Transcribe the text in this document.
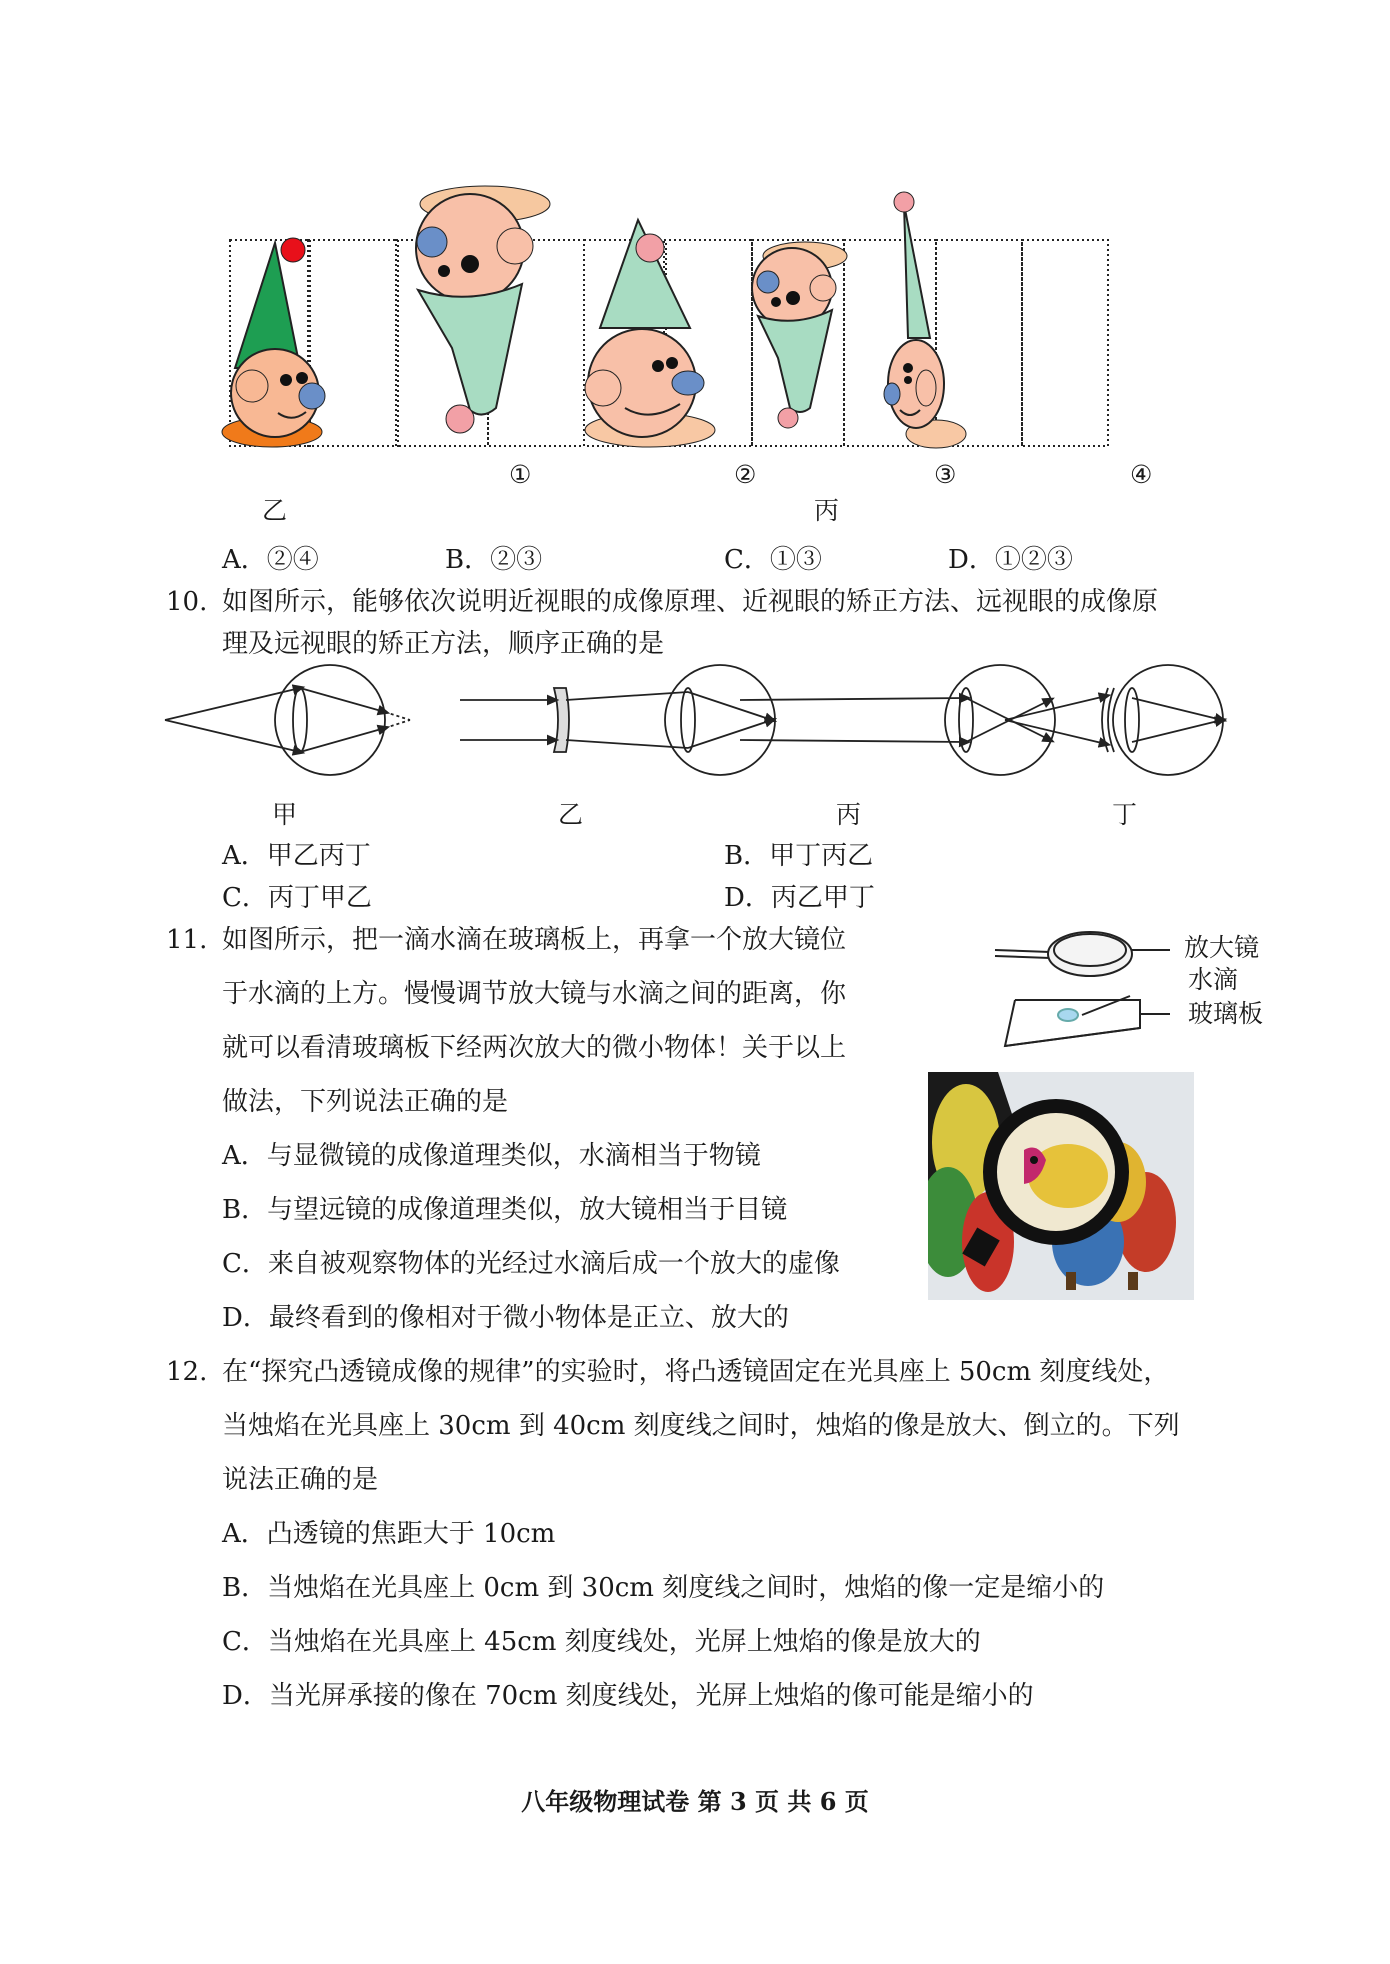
①	②	③	④
乙	丙
A．②④	B．②③	C．①③	D．①②③
10. 如图所示，能够依次说明近视眼的成像原理、近视眼的矫正方法、远视眼的成像原
理及远视眼的矫正方法，顺序正确的是
甲	乙	丙	丁
A．甲乙丙丁	B．甲丁丙乙
C．丙丁甲乙	D．丙乙甲丁
11. 如图所示，把一滴水滴在玻璃板上，再拿一个放大镜位
于水滴的上方。慢慢调节放大镜与水滴之间的距离，你
就可以看清玻璃板下经两次放大的微小物体！关于以上
做法，下列说法正确的是
A．与显微镜的成像道理类似，水滴相当于物镜
B．与望远镜的成像道理类似，放大镜相当于目镜
C．来自被观察物体的光经过水滴后成一个放大的虚像
D．最终看到的像相对于微小物体是正立、放大的
放大镜
水滴
玻璃板
12. 在“探究凸透镜成像的规律”的实验时，将凸透镜固定在光具座上 50cm 刻度线处，
当烛焰在光具座上 30cm 到 40cm 刻度线之间时，烛焰的像是放大、倒立的。下列
说法正确的是
A．凸透镜的焦距大于 10cm
B．当烛焰在光具座上 0cm 到 30cm 刻度线之间时，烛焰的像一定是缩小的
C．当烛焰在光具座上 45cm 刻度线处，光屏上烛焰的像是放大的
D．当光屏承接的像在 70cm 刻度线处，光屏上烛焰的像可能是缩小的
八年级物理试卷 第 3 页 共 6 页
